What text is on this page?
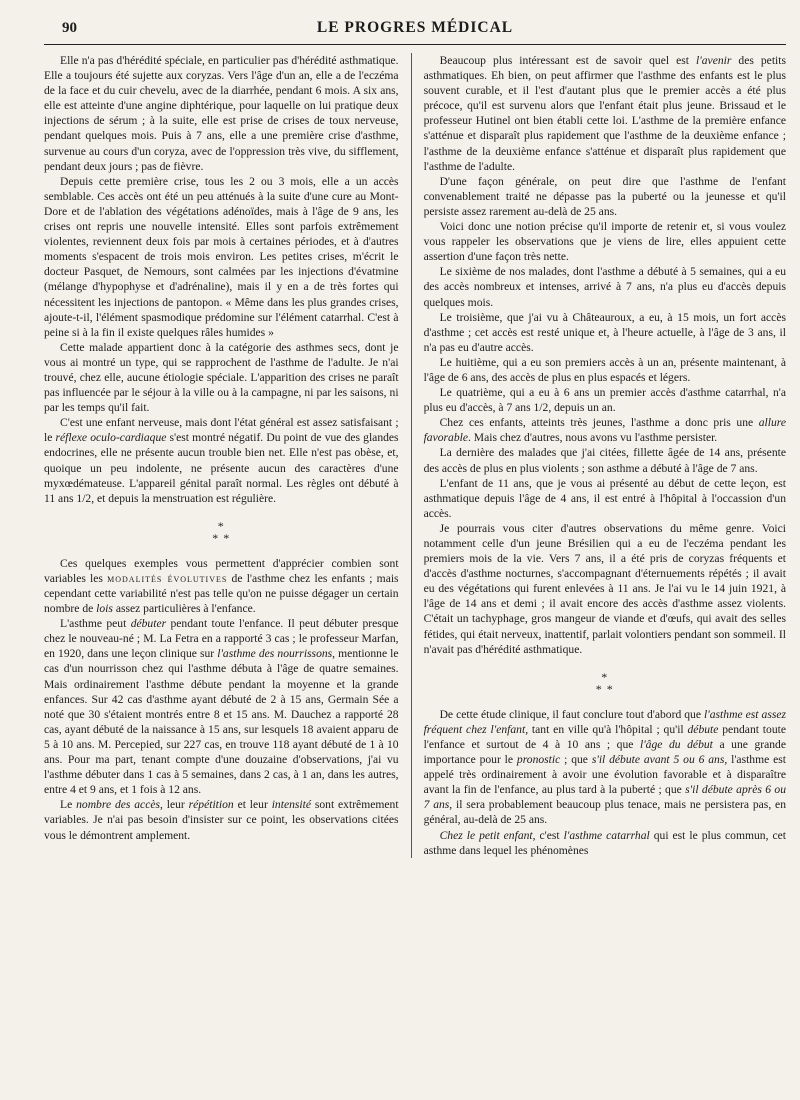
90	LE PROGRES MÉDICAL

Elle n'a pas d'hérédité spéciale, en particulier pas d'hérédité asthmatique. Elle a toujours été sujette aux coryzas. Vers l'âge d'un an, elle a de l'eczéma de la face et du cuir chevelu, avec de la diarrhée, pendant 6 mois. A six ans, elle est atteinte d'une angine diphtérique, pour laquelle on lui pratique deux injections de sérum ; à la suite, elle est prise de crises de toux nerveuse, pendant quelques mois. Puis à 7 ans, elle a une première crise d'asthme, survenue au cours d'un coryza, avec de l'oppression très vive, du sifflement, pendant deux jours ; pas de fièvre.

Depuis cette première crise, tous les 2 ou 3 mois, elle a un accès semblable. Ces accès ont été un peu atténués à la suite d'une cure au Mont-Dore et de l'ablation des végétations adénoïdes, mais à l'âge de 9 ans, les crises ont repris une nouvelle intensité. Elles sont parfois extrêmement violentes, reviennent deux fois par mois à certaines périodes, et à d'autres moments s'espacent de trois mois environ. Les petites crises, m'écrit le docteur Pasquet, de Nemours, sont calmées par les injections d'évatmine (mélange d'hypophyse et d'adrénaline), mais il y en a de très fortes qui nécessitent les injections de pantopon. « Même dans les plus grandes crises, ajoute-t-il, l'élément spasmodique prédomine sur l'élément catarrhal. C'est à peine si à la fin il existe quelques râles humides »

Cette malade appartient donc à la catégorie des asthmes secs, dont je vous ai montré un type, qui se rapprochent de l'asthme de l'adulte. Je n'ai trouvé, chez elle, aucune étiologie spéciale. L'apparition des crises ne paraît pas influencée par le séjour à la ville ou à la campagne, ni par les saisons, ni par les temps qu'il fait.

C'est une enfant nerveuse, mais dont l'état général est assez satisfaisant ; le réflexe oculo-cardiaque s'est montré négatif. Du point de vue des glandes endocrines, elle ne présente aucun trouble bien net. Elle n'est pas obèse, et, quoique un peu indolente, ne présente aucun des caractères d'une myxœdémateuse. L'appareil génital paraît normal. Les règles ont débuté à 11 ans 1/2, et depuis la menstruation est régulière.

*
* *

Ces quelques exemples vous permettent d'apprécier combien sont variables les modalités évolutives de l'asthme chez les enfants ; mais cependant cette variabilité n'est pas telle qu'on ne puisse dégager un certain nombre de lois assez particulières à l'enfance.

L'asthme peut débuter pendant toute l'enfance. Il peut débuter presque chez le nouveau-né ; M. La Fetra en a rapporté 3 cas ; le professeur Marfan, en 1920, dans une leçon clinique sur l'asthme des nourrissons, mentionne le cas d'un nourrisson chez qui l'asthme débuta à l'âge de quatre semaines. Mais ordinairement l'asthme débute pendant la moyenne et la grande enfances. Sur 42 cas d'asthme ayant débuté de 2 à 15 ans, Germain Sée a noté que 30 s'étaient montrés entre 8 et 15 ans. M. Dauchez a rapporté 28 cas, ayant débuté de la naissance à 15 ans, sur lesquels 18 avaient apparu de 5 à 10 ans. M. Percepied, sur 227 cas, en trouve 118 ayant débuté de 1 à 10 ans. Pour ma part, tenant compte d'une douzaine d'observations, j'ai vu l'asthme débuter dans 1 cas à 5 semaines, dans 2 cas, à 1 an, dans les autres, entre 4 et 9 ans, et 1 fois à 12 ans.

Le nombre des accès, leur répétition et leur intensité sont extrêmement variables. Je n'ai pas besoin d'insister sur ce point, les observations citées vous le démontrent amplement.

Beaucoup plus intéressant est de savoir quel est l'avenir des petits asthmatiques. Eh bien, on peut affirmer que l'asthme des enfants est le plus souvent curable, et il l'est d'autant plus que le premier accès a été plus précoce, qu'il est survenu alors que l'enfant était plus jeune. Brissaud et le professeur Hutinel ont bien établi cette loi. L'asthme de la première enfance s'atténue et disparaît plus rapidement que l'asthme de la deuxième enfance ; l'asthme de la deuxième enfance s'atténue et disparaît plus rapidement que l'asthme de l'adulte.

D'une façon générale, on peut dire que l'asthme de l'enfant convenablement traité ne dépasse pas la puberté ou la jeunesse et qu'il persiste assez rarement au-delà de 25 ans.

Voici donc une notion précise qu'il importe de retenir et, si vous voulez vous rappeler les observations que je viens de lire, elles appuient cette assertion d'une façon très nette.

Le sixième de nos malades, dont l'asthme a débuté à 5 semaines, qui a eu des accès nombreux et intenses, arrivé à 7 ans, n'a plus eu d'accès depuis quelques mois.

Le troisième, que j'ai vu à Châteauroux, a eu, à 15 mois, un fort accès d'asthme ; cet accès est resté unique et, à l'heure actuelle, à l'âge de 3 ans, il n'a pas eu d'autre accès.

Le huitième, qui a eu son premiers accès à un an, présente maintenant, à l'âge de 6 ans, des accès de plus en plus espacés et légers.

Le quatrième, qui a eu à 6 ans un premier accès d'asthme catarrhal, n'a plus eu d'accès, à 7 ans 1/2, depuis un an.

Chez ces enfants, atteints très jeunes, l'asthme a donc pris une allure favorable. Mais chez d'autres, nous avons vu l'asthme persister.

La dernière des malades que j'ai citées, fillette âgée de 14 ans, présente des accès de plus en plus violents ; son asthme a débuté à l'âge de 7 ans.

L'enfant de 11 ans, que je vous ai présenté au début de cette leçon, est asthmatique depuis l'âge de 4 ans, il est entré à l'hôpital à l'occassion d'un accès.

Je pourrais vous citer d'autres observations du même genre. Voici notamment celle d'un jeune Brésilien qui a eu de l'eczéma pendant les premiers mois de la vie. Vers 7 ans, il a été pris de coryzas fréquents et d'accès d'asthme nocturnes, s'accompagnant d'éternuements répétés ; il avait eu des végétations qui furent enlevées à 11 ans. Je l'ai vu le 14 juin 1921, à l'âge de 14 ans et demi ; il avait encore des accès d'asthme assez violents. C'était un tachyphage, gros mangeur de viande et d'œufs, qui avait des selles fétides, qui était nerveux, inattentif, parlait volontiers pendant son sommeil. Il n'avait pas d'hérédité asthmatique.

*
* *

De cette étude clinique, il faut conclure tout d'abord que l'asthme est assez fréquent chez l'enfant, tant en ville qu'à l'hôpital ; qu'il débute pendant toute l'enfance et surtout de 4 à 10 ans ; que l'âge du début a une grande importance pour le pronostic ; que s'il débute avant 5 ou 6 ans, l'asthme est appelé très ordinairement à avoir une évolution favorable et à disparaître avant la fin de l'enfance, au plus tard à la puberté ; que s'il débute après 6 ou 7 ans, il sera probablement beaucoup plus tenace, mais ne persistera pas, en général, au-delà de 25 ans.

Chez le petit enfant, c'est l'asthme catarrhal qui est le plus commun, cet asthme dans lequel les phénomènes
